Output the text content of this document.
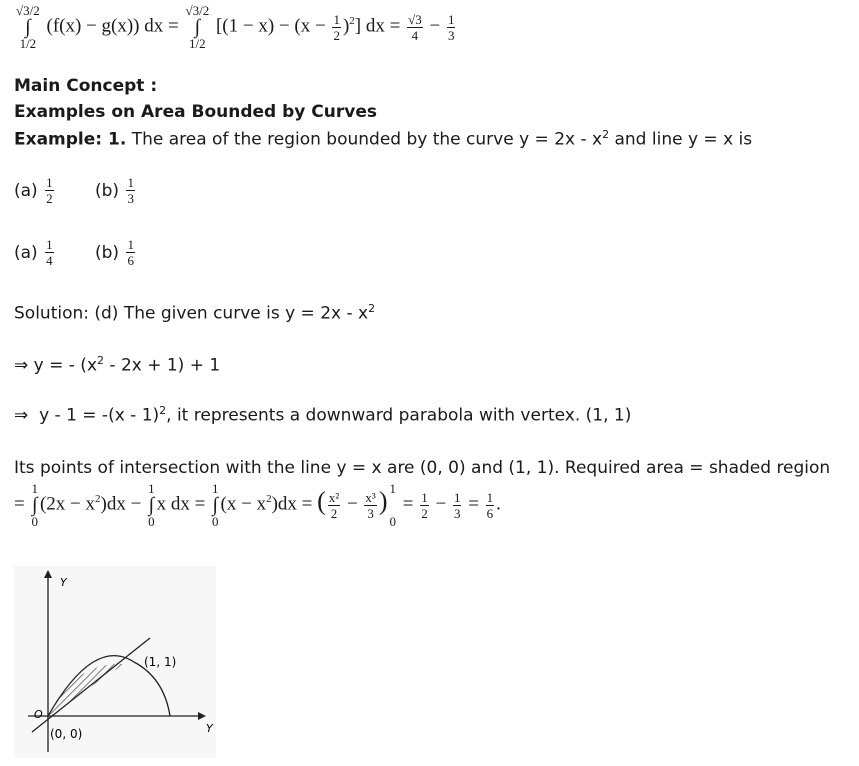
√3/2
∫
1/2
(f(x) − g(x)) dx =
√3/2
∫
1/2
$[(1 - x) - (x - \frac{1}{2} )^2]$ dx = $\frac{√3}{4} - \frac{1}{3}$
Main Concept :
Examples on Area Bounded by Curves
Example: 1. The area of the region bounded by the curve $y = 2x - x^2$ and line y = x is
$(a) \frac{1}{2} (b) \frac{1}{3}$
$(a) \frac{1}{4} (b) \frac{1}{6}$
Solution: (d) The given curve is $y = 2x - x^2$
⇒ y = - $(x^2 - 2x + 1) + 1$
⇒ y - 1 = -(x - 1)$^2$, it represents a downward parabola with vertex. (1, 1)
Its points of intersection with the line y = x are (0, 0) and (1, 1). Required area = shaded region
=
1
∫
0
$(2x - x^2)dx$ −
1
∫
0
x dx =
1
∫
0
$(x - x^2)dx$ = ( $\frac{\text{x²}}{2} - \frac{\text{x³}}{3}$ ) 1

0
= $\frac{1}{2} - \frac{1}{3} = \frac{1}{6}$ .
Y
Y
O
(1, 1)
(0, 0)
